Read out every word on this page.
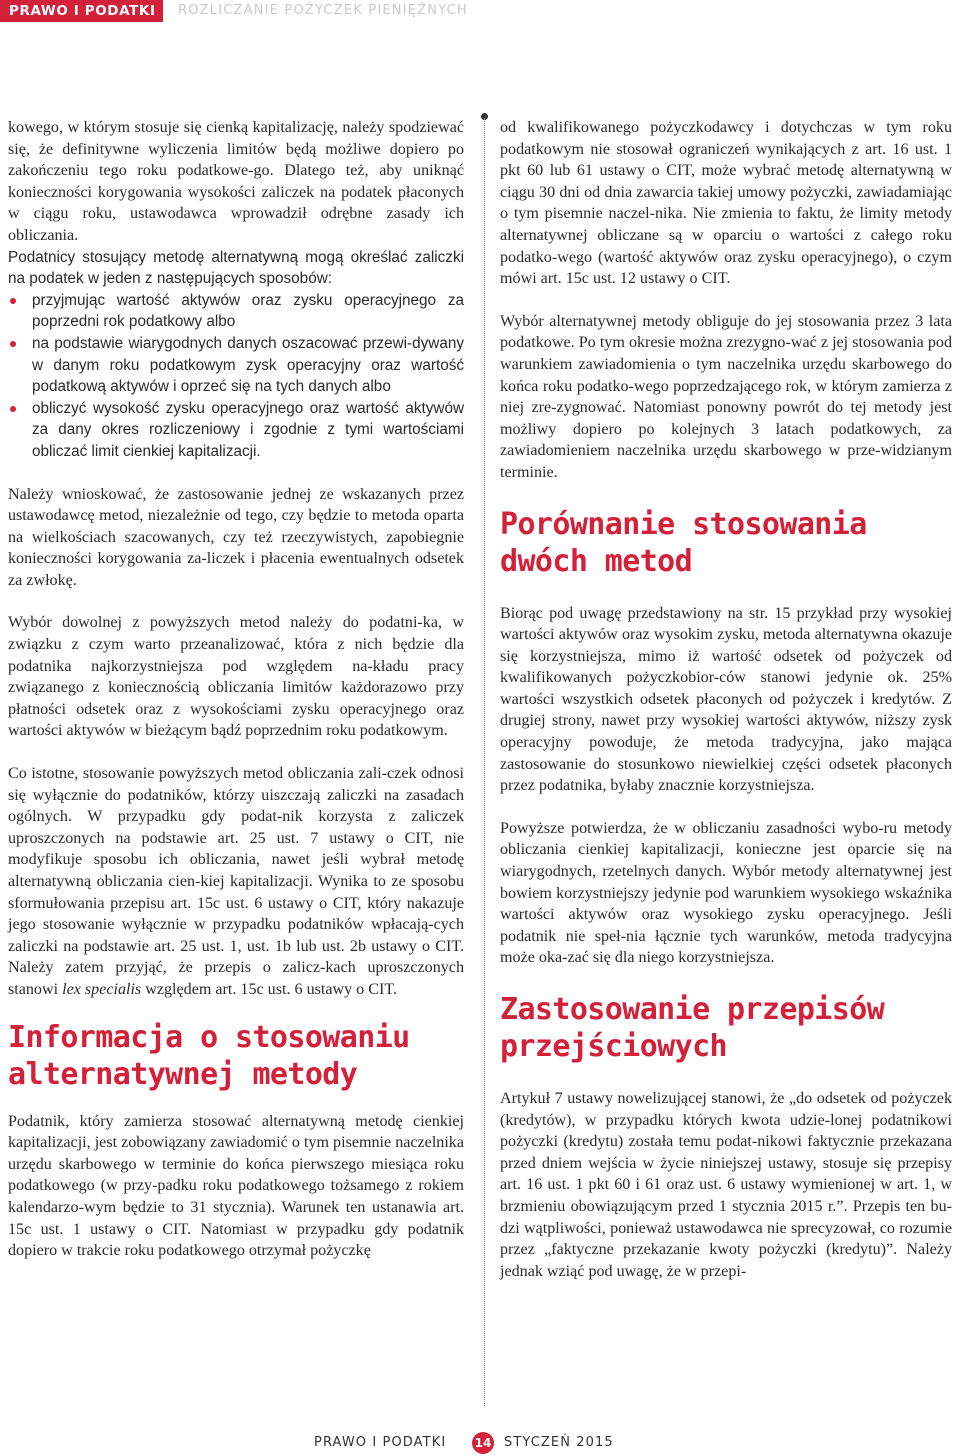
PRAWO I PODATKI	ROZLICZANIE POŻYCZEK PIENIĘŻNYCH

kowego, w którym stosuje się cienką kapitalizację, należy spodziewać się, że definitywne wyliczenia limitów będą możliwe dopiero po zakończeniu tego roku podatkowe-go. Dlatego też, aby uniknąć konieczności korygowania wysokości zaliczek na podatek płaconych w ciągu roku, ustawodawca wprowadził odrębne zasady ich obliczania.

Podatnicy stosujący metodę alternatywną mogą określać zaliczki na podatek w jeden z następujących sposobów:

przyjmując wartość aktywów oraz zysku operacyjnego za poprzedni rok podatkowy albo
na podstawie wiarygodnych danych oszacować przewi-dywany w danym roku podatkowym zysk operacyjny oraz wartość podatkową aktywów i oprzeć się na tych danych albo
obliczyć wysokość zysku operacyjnego oraz wartość aktywów za dany okres rozliczeniowy i zgodnie z tymi wartościami obliczać limit cienkiej kapitalizacji.

Należy wnioskować, że zastosowanie jednej ze wskazanych przez ustawodawcę metod, niezależnie od tego, czy będzie to metoda oparta na wielkościach szacowanych, czy też rzeczywistych, zapobiegnie konieczności korygowania za-liczek i płacenia ewentualnych odsetek za zwłokę.

Wybór dowolnej z powyższych metod należy do podatni-ka, w związku z czym warto przeanalizować, która z nich będzie dla podatnika najkorzystniejsza pod względem na-kładu pracy związanego z koniecznością obliczania limitów każdorazowo przy płatności odsetek oraz z wysokościami zysku operacyjnego oraz wartości aktywów w bieżącym bądź poprzednim roku podatkowym.

Co istotne, stosowanie powyższych metod obliczania zali-czek odnosi się wyłącznie do podatników, którzy uiszczają zaliczki na zasadach ogólnych. W przypadku gdy podat-nik korzysta z zaliczek uproszczonych na podstawie art. 25 ust. 7 ustawy o CIT, nie modyfikuje sposobu ich obliczania, nawet jeśli wybrał metodę alternatywną obliczania cien-kiej kapitalizacji. Wynika to ze sposobu sformułowania przepisu art. 15c ust. 6 ustawy o CIT, który nakazuje jego stosowanie wyłącznie w przypadku podatników wpłacają-cych zaliczki na podstawie art. 25 ust. 1, ust. 1b lub ust. 2b ustawy o CIT. Należy zatem przyjąć, że przepis o zalicz-kach uproszczonych stanowi lex specialis względem art. 15c ust. 6 ustawy o CIT.

Informacja o stosowaniu
alternatywnej metody

Podatnik, który zamierza stosować alternatywną metodę cienkiej kapitalizacji, jest zobowiązany zawiadomić o tym pisemnie naczelnika urzędu skarbowego w terminie do końca pierwszego miesiąca roku podatkowego (w przy-padku roku podatkowego tożsamego z rokiem kalendarzo-wym będzie to 31 stycznia). Warunek ten ustanawia art. 15c ust. 1 ustawy o CIT. Natomiast w przypadku gdy podatnik dopiero w trakcie roku podatkowego otrzymał pożyczkę

od kwalifikowanego pożyczkodawcy i dotychczas w tym roku podatkowym nie stosował ograniczeń wynikających z art. 16 ust. 1 pkt 60 lub 61 ustawy o CIT, może wybrać metodę alternatywną w ciągu 30 dni od dnia zawarcia takiej umowy pożyczki, zawiadamiając o tym pisemnie naczel-nika. Nie zmienia to faktu, że limity metody alternatywnej obliczane są w oparciu o wartości z całego roku podatko-wego (wartość aktywów oraz zysku operacyjnego), o czym mówi art. 15c ust. 12 ustawy o CIT.

Wybór alternatywnej metody obliguje do jej stosowania przez 3 lata podatkowe. Po tym okresie można zrezygno-wać z jej stosowania pod warunkiem zawiadomienia o tym naczelnika urzędu skarbowego do końca roku podatko-wego poprzedzającego rok, w którym zamierza z niej zre-zygnować. Natomiast ponowny powrót do tej metody jest możliwy dopiero po kolejnych 3 latach podatkowych, za zawiadomieniem naczelnika urzędu skarbowego w prze-widzianym terminie.

Porównanie stosowania
dwóch metod

Biorąc pod uwagę przedstawiony na str. 15 przykład przy wysokiej wartości aktywów oraz wysokim zysku, metoda alternatywna okazuje się korzystniejsza, mimo iż wartość odsetek od pożyczek od kwalifikowanych pożyczkobior-ców stanowi jedynie ok. 25% wartości wszystkich odsetek płaconych od pożyczek i kredytów. Z drugiej strony, nawet przy wysokiej wartości aktywów, niższy zysk operacyjny powoduje, że metoda tradycyjna, jako mająca zastosowanie do stosunkowo niewielkiej części odsetek płaconych przez podatnika, byłaby znacznie korzystniejsza.

Powyższe potwierdza, że w obliczaniu zasadności wybo-ru metody obliczania cienkiej kapitalizacji, konieczne jest oparcie się na wiarygodnych, rzetelnych danych. Wybór metody alternatywnej jest bowiem korzystniejszy jedynie pod warunkiem wysokiego wskaźnika wartości aktywów oraz wysokiego zysku operacyjnego. Jeśli podatnik nie speł-nia łącznie tych warunków, metoda tradycyjna może oka-zać się dla niego korzystniejsza.

Zastosowanie przepisów
przejściowych

Artykuł 7 ustawy nowelizującej stanowi, że „do odsetek od pożyczek (kredytów), w przypadku których kwota udzie-lonej podatnikowi pożyczki (kredytu) została temu podat-nikowi faktycznie przekazana przed dniem wejścia w życie niniejszej ustawy, stosuje się przepisy art. 16 ust. 1 pkt 60 i 61 oraz ust. 6 ustawy wymienionej w art. 1, w brzmieniu obowiązującym przed 1 stycznia 2015 r.”. Przepis ten bu-dzi wątpliwości, ponieważ ustawodawca nie sprecyzował, co rozumie przez „faktyczne przekazanie kwoty pożyczki (kredytu)”. Należy jednak wziąć pod uwagę, że w przepi-

PRAWO I PODATKI 14 STYCZEŃ 2015
